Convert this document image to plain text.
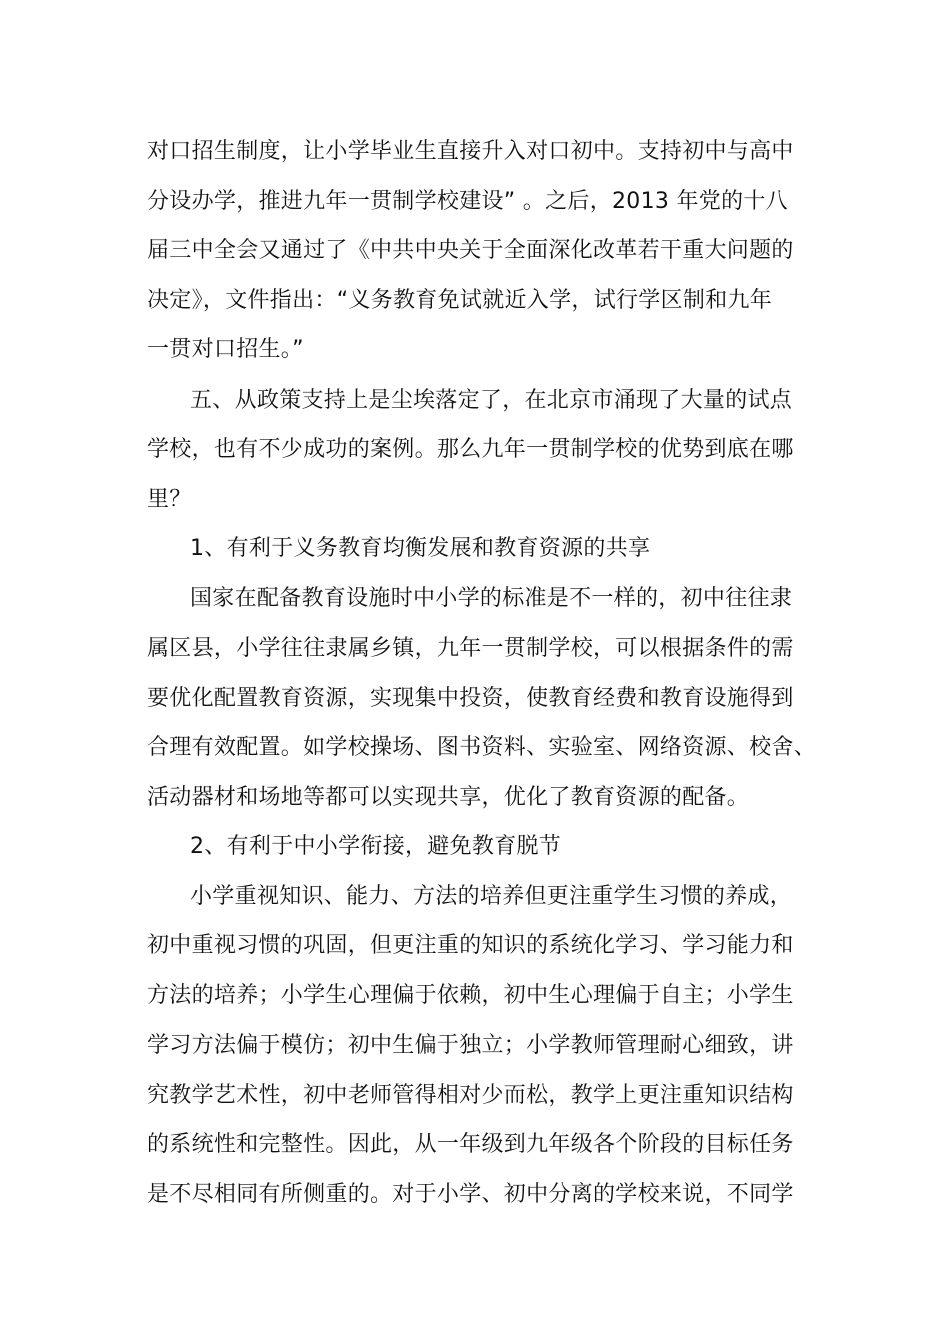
对口招生制度，让小学毕业生直接升入对口初中。支持初中与高中
分设办学，推进九年一贯制学校建设” 。之后，2013 年党的十八
届三中全会又通过了《中共中央关于全面深化改革若干重大问题的
决定》，文件指出：“义务教育免试就近入学，试行学区制和九年
一贯对口招生。”
五、从政策支持上是尘埃落定了，在北京市涌现了大量的试点
学校，也有不少成功的案例。那么九年一贯制学校的优势到底在哪
里？
1、有利于义务教育均衡发展和教育资源的共享
国家在配备教育设施时中小学的标准是不一样的，初中往往隶
属区县，小学往往隶属乡镇，九年一贯制学校，可以根据条件的需
要优化配置教育资源，实现集中投资，使教育经费和教育设施得到
合理有效配置。如学校操场、图书资料、实验室、网络资源、校舍、
活动器材和场地等都可以实现共享，优化了教育资源的配备。
2、有利于中小学衔接，避免教育脱节
小学重视知识、能力、方法的培养但更注重学生习惯的养成，
初中重视习惯的巩固，但更注重的知识的系统化学习、学习能力和
方法的培养；小学生心理偏于依赖，初中生心理偏于自主；小学生
学习方法偏于模仿；初中生偏于独立；小学教师管理耐心细致，讲
究教学艺术性，初中老师管得相对少而松，教学上更注重知识结构
的系统性和完整性。因此，从一年级到九年级各个阶段的目标任务
是不尽相同有所侧重的。对于小学、初中分离的学校来说，不同学
